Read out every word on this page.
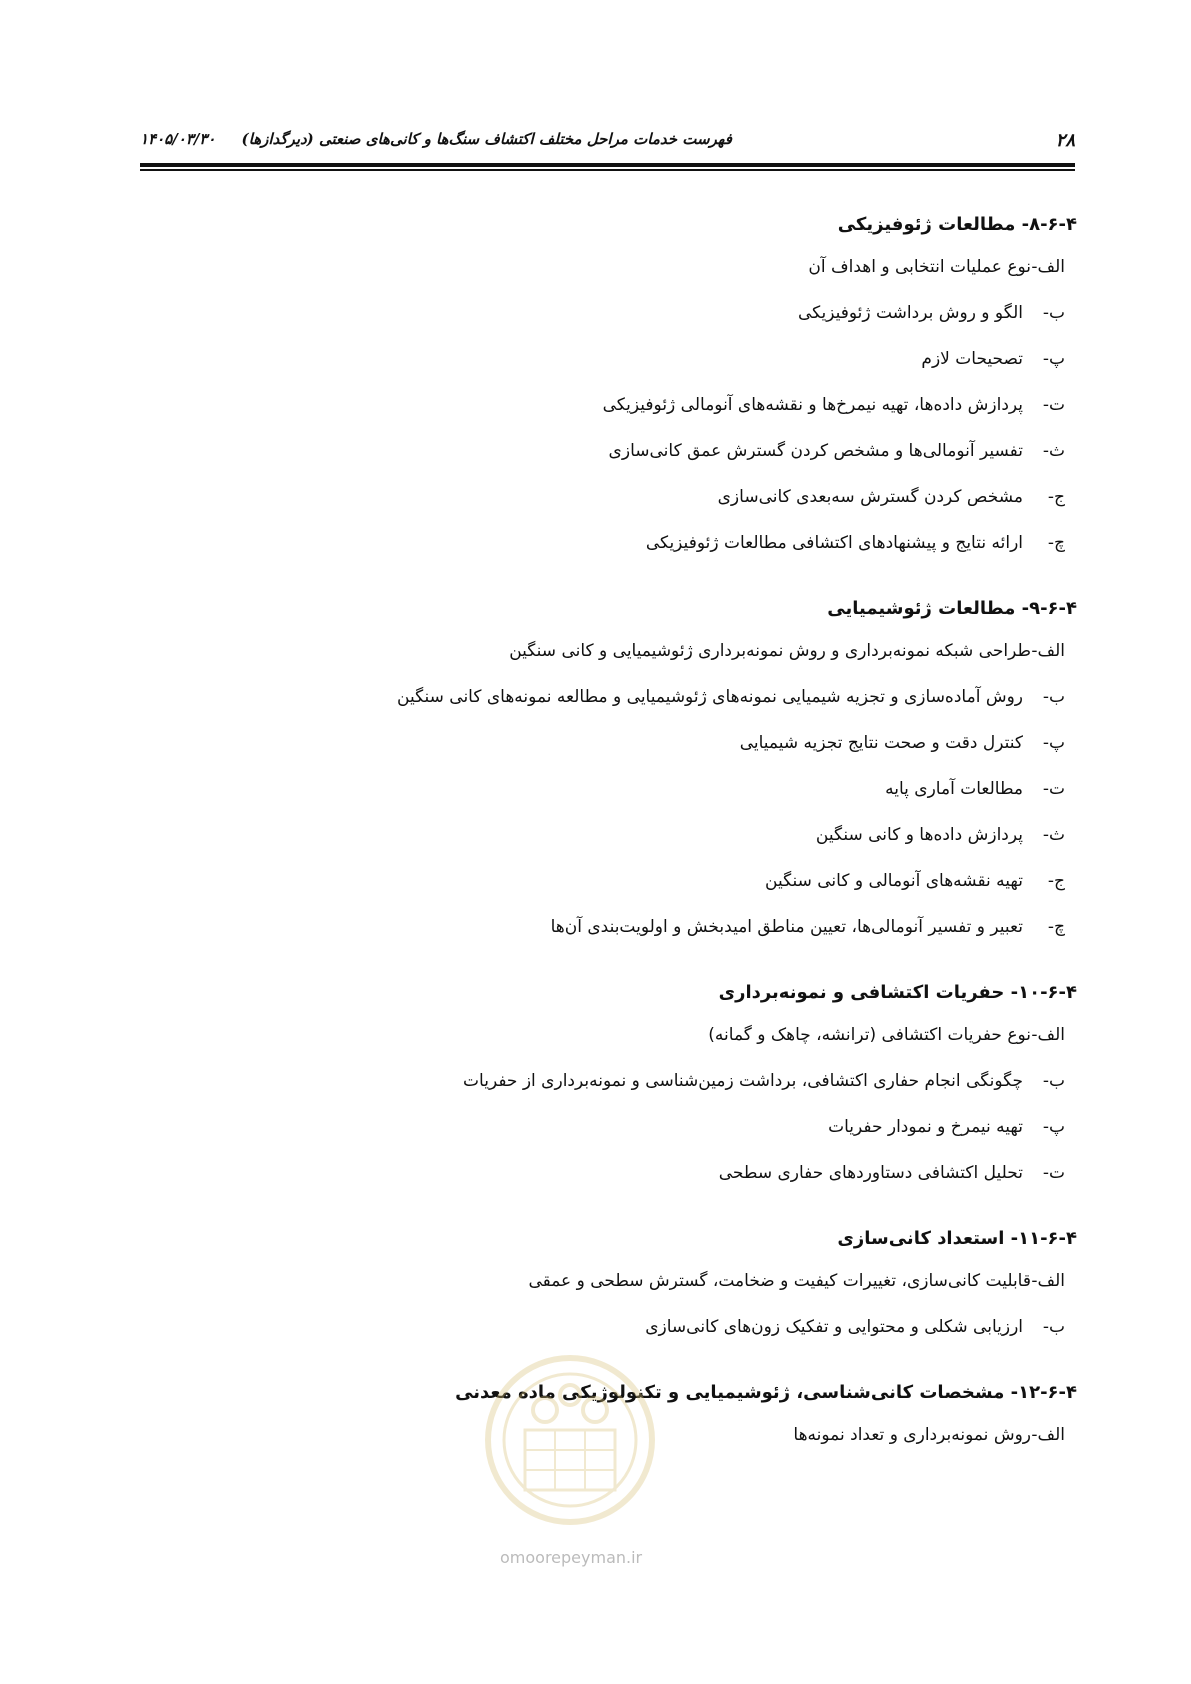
۲۸
فهرست خدمات مراحل مختلف اکتشاف سنگ‌ها و کانی‌های صنعتی (دیرگدازها)     ۱۴۰۵/۰۳/۳۰
۸-۶-۴- مطالعات ژئوفیزیکی
الف-نوع عملیات انتخابی و اهداف آن
ب-الگو و روش برداشت ژئوفیزیکی
پ-تصحیحات لازم
ت-پردازش داده‌ها، تهیه نیمرخ‌ها و نقشه‌های آنومالی ژئوفیزیکی
ث-تفسیر آنومالی‌ها و مشخص کردن گسترش عمق کانی‌سازی
ج-مشخص کردن گسترش سه‌بعدی کانی‌سازی
چ-ارائه نتایج و پیشنهادهای اکتشافی مطالعات ژئوفیزیکی
۹-۶-۴- مطالعات ژئوشیمیایی
الف-طراحی شبکه نمونه‌برداری و روش نمونه‌برداری ژئوشیمیایی و کانی سنگین
ب-روش آماده‌سازی و تجزیه شیمیایی نمونه‌های ژئوشیمیایی و مطالعه نمونه‌های کانی سنگین
پ-کنترل دقت و صحت نتایج تجزیه شیمیایی
ت-مطالعات آماری پایه
ث-پردازش داده‌ها و کانی سنگین
ج-تهیه نقشه‌های آنومالی و کانی سنگین
چ-تعبیر و تفسیر آنومالی‌ها، تعیین مناطق امیدبخش و اولویت‌بندی آن‌ها
۱۰-۶-۴- حفریات اکتشافی و نمونه‌برداری
الف-نوع حفریات اکتشافی (ترانشه، چاهک و گمانه)
ب-چگونگی انجام حفاری اکتشافی، برداشت زمین‌شناسی و نمونه‌برداری از حفریات
پ-تهیه نیمرخ و نمودار حفریات
ت-تحلیل اکتشافی دستاوردهای حفاری سطحی
۱۱-۶-۴- استعداد کانی‌سازی
الف-قابلیت کانی‌سازی، تغییرات کیفیت و ضخامت، گسترش سطحی و عمقی
ب-ارزیابی شکلی و محتوایی و تفکیک زون‌های کانی‌سازی
۱۲-۶-۴- مشخصات کانی‌شناسی، ژئوشیمیایی و تکنولوژیکی ماده معدنی
الف-روش نمونه‌برداری و تعداد نمونه‌ها
omoorepeyman.ir
